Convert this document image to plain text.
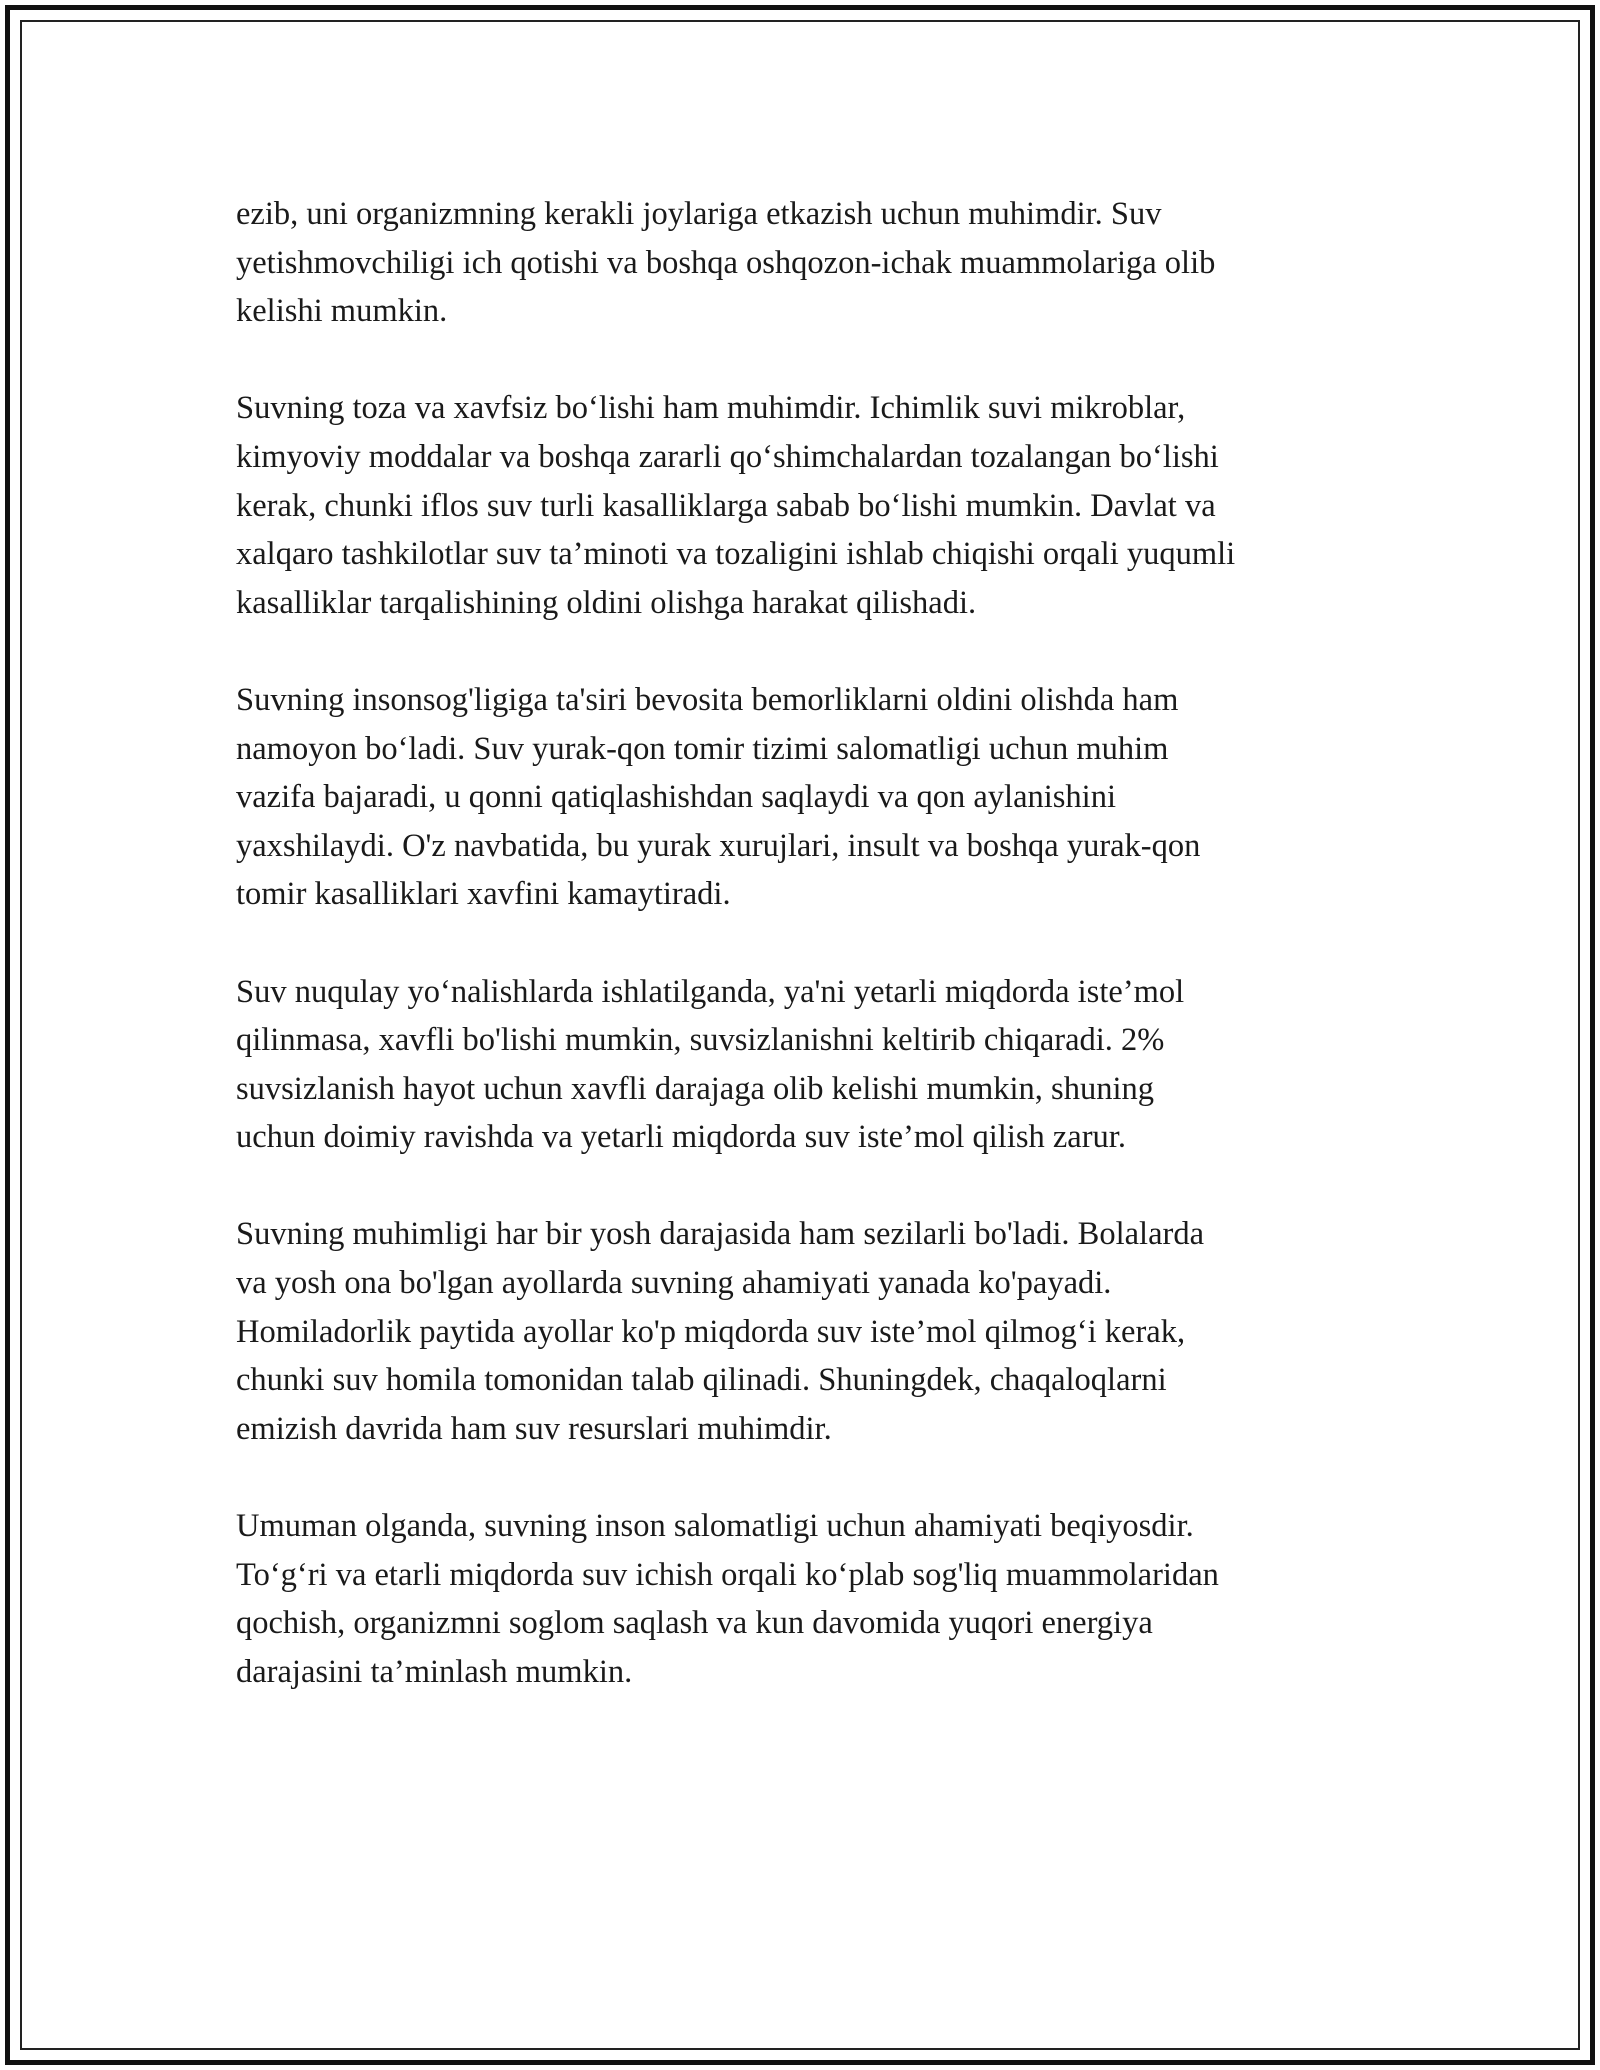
ezib, uni organizmning kerakli joylariga etkazish uchun muhimdir. Suv
yetishmovchiligi ich qotishi va boshqa oshqozon-ichak muammolariga olib
kelishi mumkin.

Suvning toza va xavfsiz bo‘lishi ham muhimdir. Ichimlik suvi mikroblar,
kimyoviy moddalar va boshqa zararli qo‘shimchalardan tozalangan bo‘lishi
kerak, chunki iflos suv turli kasalliklarga sabab bo‘lishi mumkin. Davlat va
xalqaro tashkilotlar suv ta’minoti va tozaligini ishlab chiqishi orqali yuqumli
kasalliklar tarqalishining oldini olishga harakat qilishadi.

Suvning insonsog'ligiga ta'siri bevosita bemorliklarni oldini olishda ham
namoyon bo‘ladi. Suv yurak-qon tomir tizimi salomatligi uchun muhim
vazifa bajaradi, u qonni qatiqlashishdan saqlaydi va qon aylanishini
yaxshilaydi. O'z navbatida, bu yurak xurujlari, insult va boshqa yurak-qon
tomir kasalliklari xavfini kamaytiradi.

Suv nuqulay yo‘nalishlarda ishlatilganda, ya'ni yetarli miqdorda iste’mol
qilinmasa, xavfli bo'lishi mumkin, suvsizlanishni keltirib chiqaradi. 2%
suvsizlanish hayot uchun xavfli darajaga olib kelishi mumkin, shuning
uchun doimiy ravishda va yetarli miqdorda suv iste’mol qilish zarur.

Suvning muhimligi har bir yosh darajasida ham sezilarli bo'ladi. Bolalarda
va yosh ona bo'lgan ayollarda suvning ahamiyati yanada ko'payadi.
Homiladorlik paytida ayollar ko'p miqdorda suv iste’mol qilmog‘i kerak,
chunki suv homila tomonidan talab qilinadi. Shuningdek, chaqaloqlarni
emizish davrida ham suv resurslari muhimdir.

Umuman olganda, suvning inson salomatligi uchun ahamiyati beqiyosdir.
To‘g‘ri va etarli miqdorda suv ichish orqali ko‘plab sog'liq muammolaridan
qochish, organizmni soglom saqlash va kun davomida yuqori energiya
darajasini ta’minlash mumkin.
